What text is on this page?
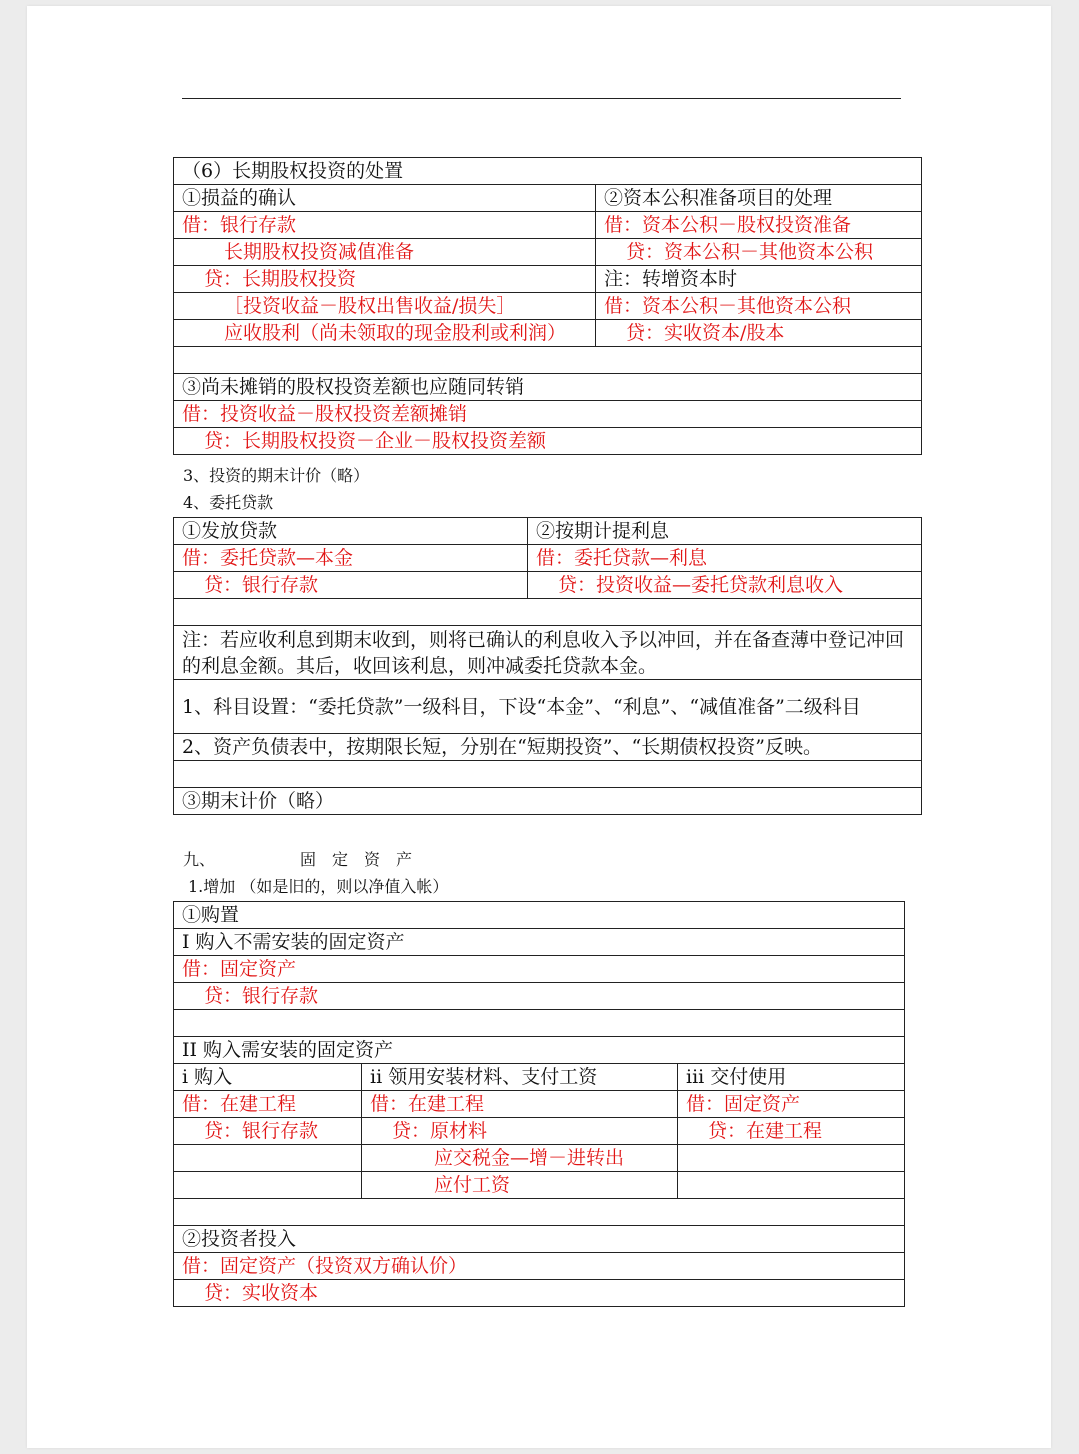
（6）长期股权投资的处置	
①损益的确认	②资本公积准备项目的处理
借：银行存款	借：资本公积－股权投资准备
长期股权投资减值准备	贷：资本公积－其他资本公积
贷：长期股权投资	注：转增资本时
［投资收益－股权出售收益/损失］	借：资本公积－其他资本公积
应收股利（尚未领取的现金股利或利润）	贷：实收资本/股本

③尚未摊销的股权投资差额也应随同转销	
借：投资收益－股权投资差额摊销	
贷：长期股权投资－企业－股权投资差额	
3、投资的期末计价（略）
4、委托贷款
①发放贷款	②按期计提利息
借：委托贷款—本金	借：委托贷款—利息
贷：银行存款	贷：投资收益—委托贷款利息收入

注：若应收利息到期末收到，则将已确认的利息收入予以冲回，并在备查薄中登记冲回的利息金额。其后，收回该利息，则冲减委托贷款本金。	
1、科目设置：“委托贷款”一级科目，下设“本金”、“利息”、“减值准备”二级科目	
2、资产负债表中，按期限长短，分别在“短期投资”、“长期债权投资”反映。	

③期末计价（略）	
九、	固　定　资　产
1.增加 （如是旧的，则以净值入帐）
①购置		
I 购入不需安装的固定资产		
借：固定资产		
贷：银行存款		

II 购入需安装的固定资产		
i 购入	ii 领用安装材料、支付工资	iii 交付使用
借：在建工程	借：在建工程	借：固定资产
贷：银行存款	贷：原材料	贷：在建工程
	应交税金—增－进转出	
	应付工资	

②投资者投入		
借：固定资产（投资双方确认价）		
贷：实收资本		
